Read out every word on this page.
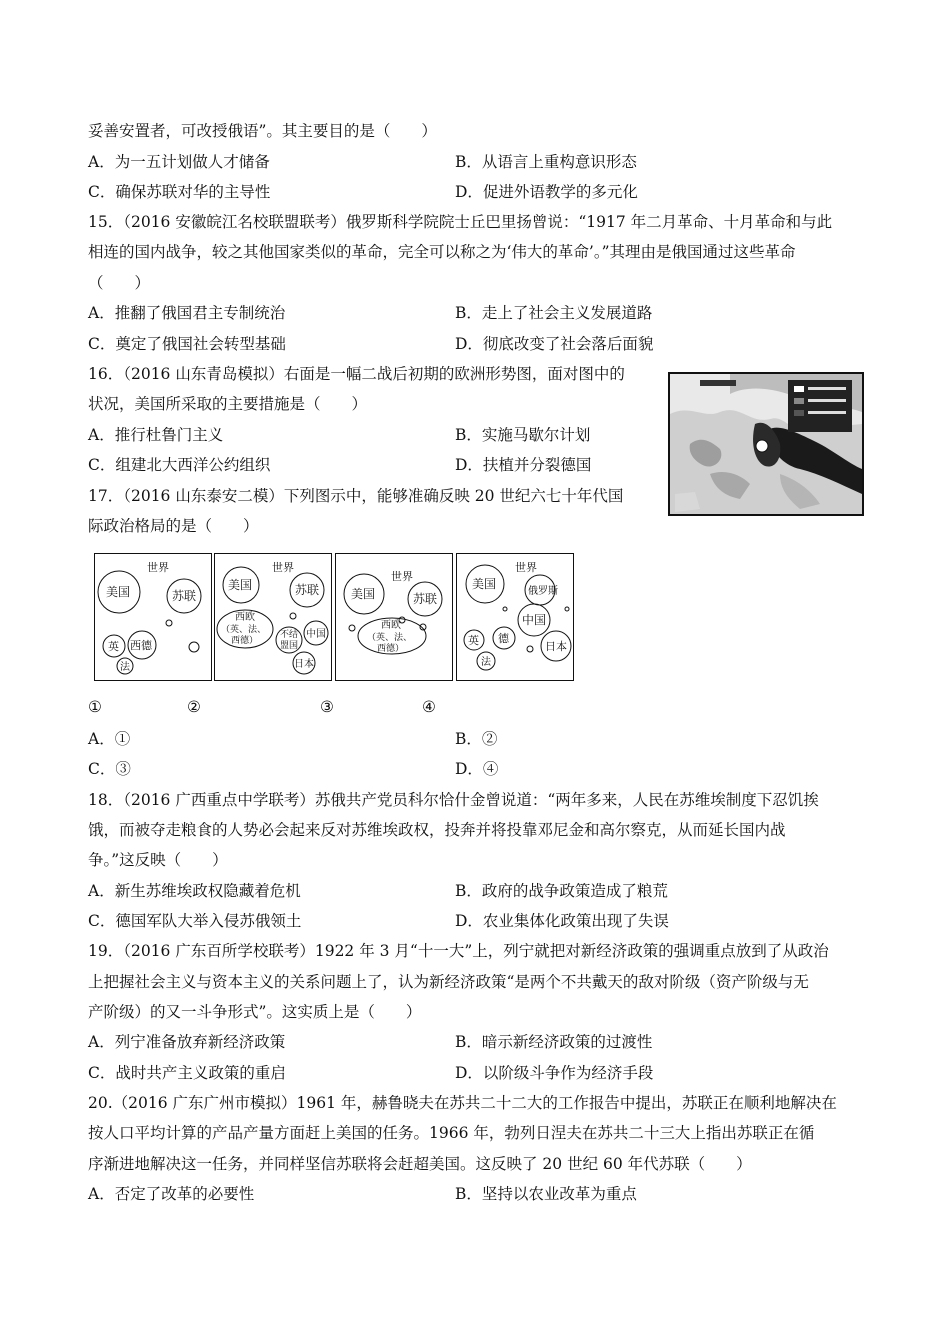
妥善安置者，可改授俄语”。其主要目的是（　　）
A．为一五计划做人才储备	B．从语言上重构意识形态
C．确保苏联对华的主导性	D．促进外语教学的多元化
15．（2016 安徽皖江名校联盟联考）俄罗斯科学院院士丘巴里扬曾说：“1917 年二月革命、十月革命和与此
相连的国内战争，较之其他国家类似的革命，完全可以称之为‘伟大的革命’。”其理由是俄国通过这些革命
（　　）
A．推翻了俄国君主专制统治	B．走上了社会主义发展道路
C．奠定了俄国社会转型基础	D．彻底改变了社会落后面貌
16．（2016 山东青岛模拟）右面是一幅二战后初期的欧洲形势图，面对图中的
状况，美国所采取的主要措施是（　　）
A．推行杜鲁门主义	B．实施马歇尔计划
C．组建北大西洋公约组织	D．扶植并分裂德国
17．（2016 山东泰安二模）下列图示中，能够准确反映 20 世纪六七十年代国
际政治格局的是（　　）
世界
美国	苏联
英 西德
法
世界
美国	苏联
西欧
（英、法、
西德）
不结
盟国
中国
日本
世界
美国	苏联
西欧
（英、法、
西德）
世界
美国
俄罗斯
中国
日本
英 德
法
①	②	③	④
A．①	B．②
C．③	D．④
18．（2016 广西重点中学联考）苏俄共产党员科尔恰什金曾说道：“两年多来，人民在苏维埃制度下忍饥挨
饿，而被夺走粮食的人势必会起来反对苏维埃政权，投奔并将投靠邓尼金和高尔察克，从而延长国内战
争。”这反映（　　）
A．新生苏维埃政权隐藏着危机	B．政府的战争政策造成了粮荒
C．德国军队大举入侵苏俄领土	D．农业集体化政策出现了失误
19．（2016 广东百所学校联考）1922 年 3 月“十一大”上，列宁就把对新经济政策的强调重点放到了从政治
上把握社会主义与资本主义的关系问题上了，认为新经济政策“是两个不共戴天的敌对阶级（资产阶级与无
产阶级）的又一斗争形式”。这实质上是（　　）
A．列宁准备放弃新经济政策	B．暗示新经济政策的过渡性
C．战时共产主义政策的重启	D．以阶级斗争作为经济手段
20.（2016 广东广州市模拟）1961 年，赫鲁晓夫在苏共二十二大的工作报告中提出，苏联正在顺利地解决在
按人口平均计算的产品产量方面赶上美国的任务。1966 年，勃列日涅夫在苏共二十三大上指出苏联正在循
序渐进地解决这一任务，并同样坚信苏联将会赶超美国。这反映了 20 世纪 60 年代苏联（　　）
A．否定了改革的必要性	B．坚持以农业改革为重点
